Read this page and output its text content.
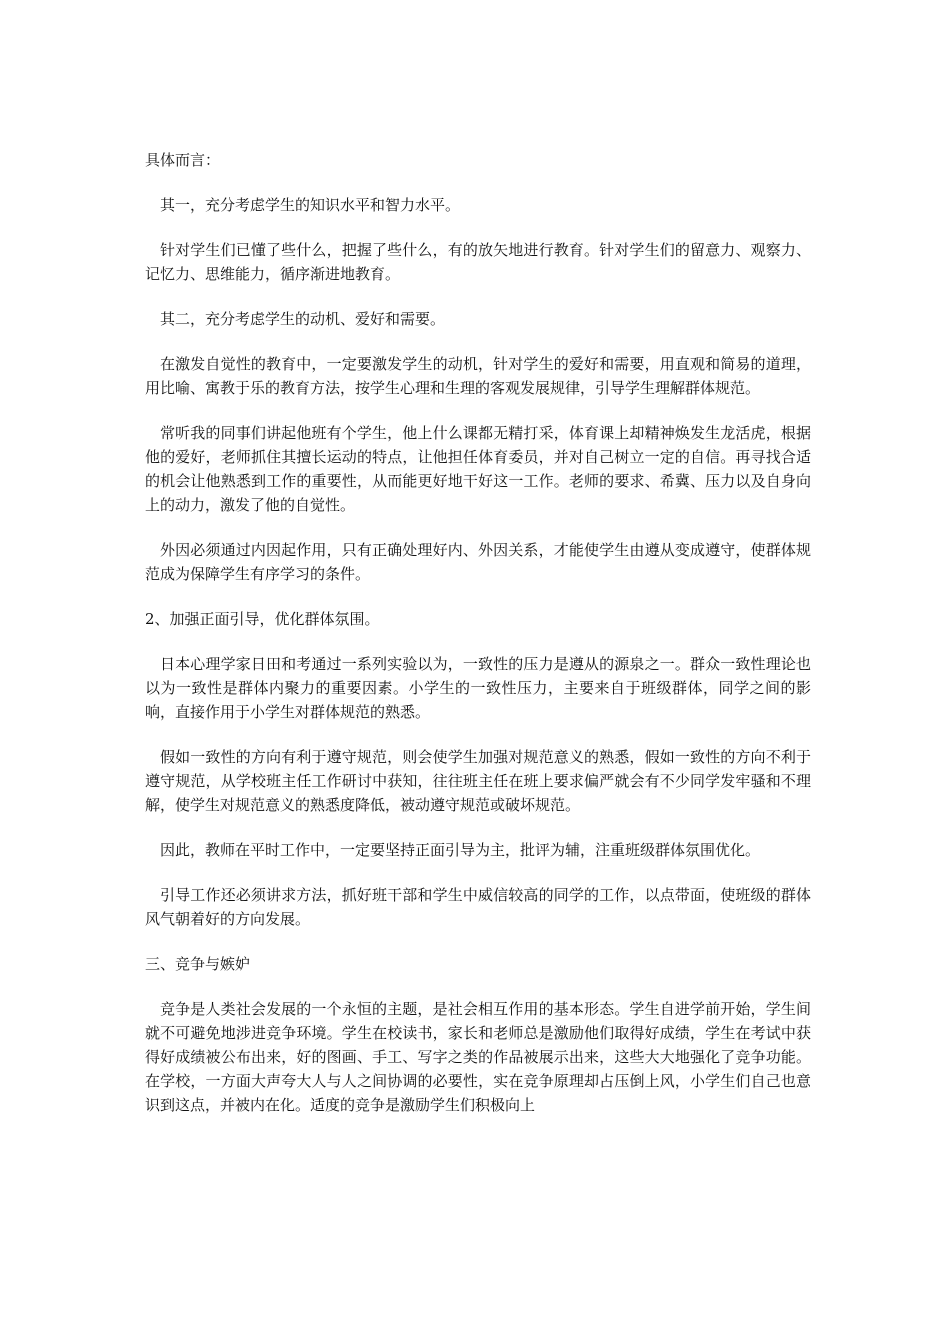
具体而言：

其一，充分考虑学生的知识水平和智力水平。

针对学生们已懂了些什么，把握了些什么，有的放矢地进行教育。针对学生们的留意力、观察力、记忆力、思维能力，循序渐进地教育。

其二，充分考虑学生的动机、爱好和需要。

在激发自觉性的教育中，一定要激发学生的动机，针对学生的爱好和需要，用直观和简易的道理，用比喻、寓教于乐的教育方法，按学生心理和生理的客观发展规律，引导学生理解群体规范。

常听我的同事们讲起他班有个学生，他上什么课都无精打采，体育课上却精神焕发生龙活虎，根据他的爱好，老师抓住其擅长运动的特点，让他担任体育委员，并对自己树立一定的自信。再寻找合适的机会让他熟悉到工作的重要性，从而能更好地干好这一工作。老师的要求、希冀、压力以及自身向上的动力，激发了他的自觉性。

外因必须通过内因起作用，只有正确处理好内、外因关系，才能使学生由遵从变成遵守，使群体规范成为保障学生有序学习的条件。

2、加强正面引导，优化群体氛围。

日本心理学家日田和考通过一系列实验以为，一致性的压力是遵从的源泉之一。群众一致性理论也以为一致性是群体内聚力的重要因素。小学生的一致性压力，主要来自于班级群体，同学之间的影响，直接作用于小学生对群体规范的熟悉。

假如一致性的方向有利于遵守规范，则会使学生加强对规范意义的熟悉，假如一致性的方向不利于遵守规范，从学校班主任工作研讨中获知，往往班主任在班上要求偏严就会有不少同学发牢骚和不理解，使学生对规范意义的熟悉度降低，被动遵守规范或破坏规范。

因此，教师在平时工作中，一定要坚持正面引导为主，批评为辅，注重班级群体氛围优化。

引导工作还必须讲求方法，抓好班干部和学生中威信较高的同学的工作，以点带面，使班级的群体风气朝着好的方向发展。

三、竞争与嫉妒

竞争是人类社会发展的一个永恒的主题，是社会相互作用的基本形态。学生自进学前开始，学生间就不可避免地涉进竞争环境。学生在校读书，家长和老师总是激励他们取得好成绩，学生在考试中获得好成绩被公布出来，好的图画、手工、写字之类的作品被展示出来，这些大大地强化了竞争功能。在学校，一方面大声夸大人与人之间协调的必要性，实在竞争原理却占压倒上风，小学生们自己也意识到这点，并被内在化。适度的竞争是激励学生们积极向上
